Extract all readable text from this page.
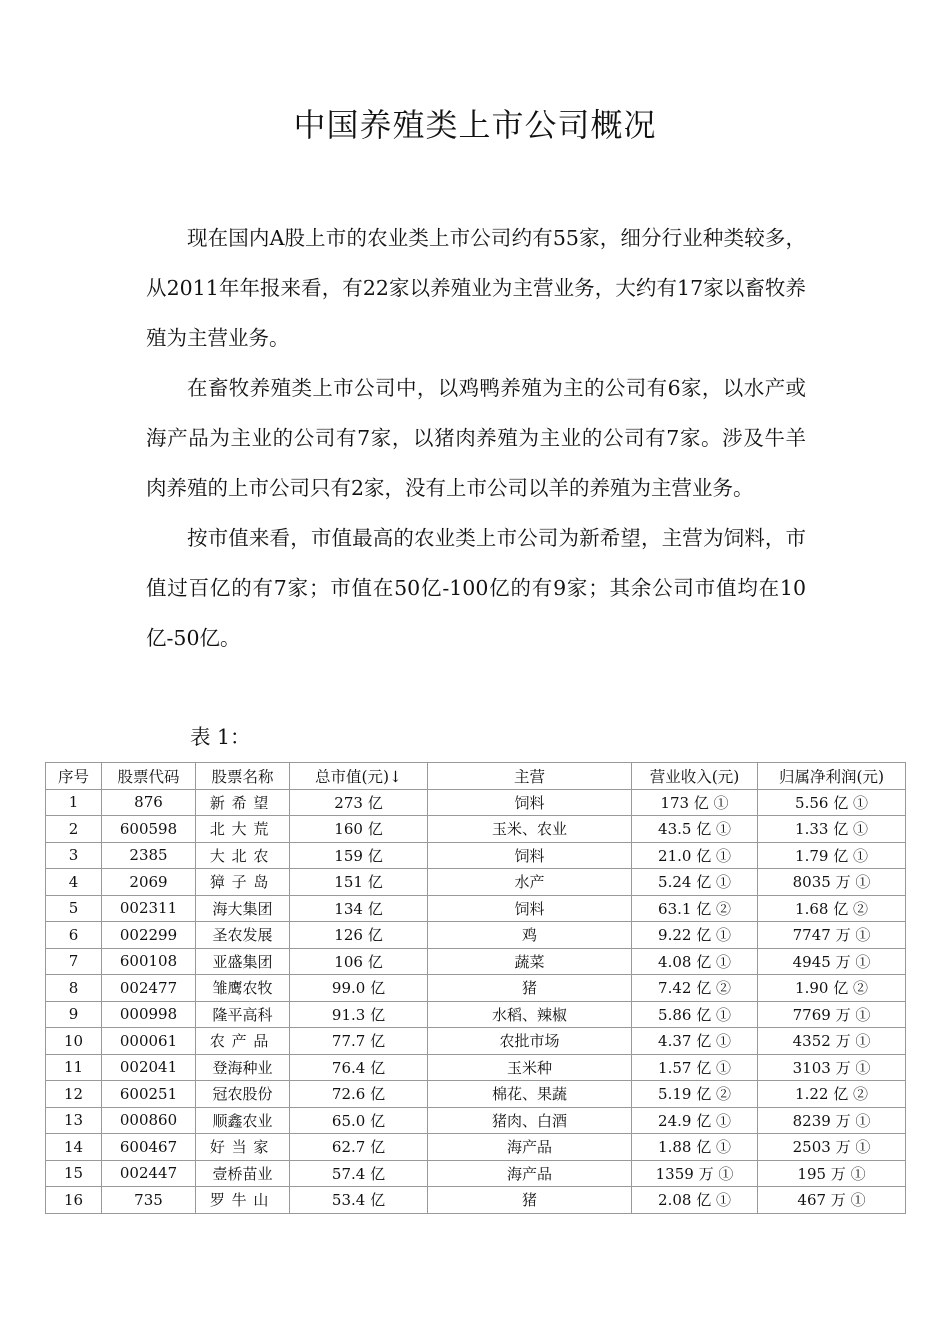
中国养殖类上市公司概况

现在国内A股上市的农业类上市公司约有55家，细分行业种类较多，从2011年年报来看，有22家以养殖业为主营业务，大约有17家以畜牧养殖为主营业务。

在畜牧养殖类上市公司中，以鸡鸭养殖为主的公司有6家，以水产或海产品为主业的公司有7家，以猪肉养殖为主业的公司有7家。涉及牛羊肉养殖的上市公司只有2家，没有上市公司以羊的养殖为主营业务。

按市值来看，市值最高的农业类上市公司为新希望，主营为饲料，市值过百亿的有7家；市值在50亿-100亿的有9家；其余公司市值均在10亿-50亿。

表 1：
序号	股票代码	股票名称	总市值(元)↓	主营	营业收入(元)	归属净利润(元)
1	876	新希望	273 亿	饲料	173 亿 ①	5.56 亿 ①
2	600598	北大荒	160 亿	玉米、农业	43.5 亿 ①	1.33 亿 ①
3	2385	大北农	159 亿	饲料	21.0 亿 ①	1.79 亿 ①
4	2069	獐子岛	151 亿	水产	5.24 亿 ①	8035 万 ①
5	002311	海大集团	134 亿	饲料	63.1 亿 ②	1.68 亿 ②
6	002299	圣农发展	126 亿	鸡	9.22 亿 ①	7747 万 ①
7	600108	亚盛集团	106 亿	蔬菜	4.08 亿 ①	4945 万 ①
8	002477	雏鹰农牧	99.0 亿	猪	7.42 亿 ②	1.90 亿 ②
9	000998	隆平高科	91.3 亿	水稻、辣椒	5.86 亿 ①	7769 万 ①
10	000061	农产品	77.7 亿	农批市场	4.37 亿 ①	4352 万 ①
11	002041	登海种业	76.4 亿	玉米种	1.57 亿 ①	3103 万 ①
12	600251	冠农股份	72.6 亿	棉花、果蔬	5.19 亿 ②	1.22 亿 ②
13	000860	顺鑫农业	65.0 亿	猪肉、白酒	24.9 亿 ①	8239 万 ①
14	600467	好当家	62.7 亿	海产品	1.88 亿 ①	2503 万 ①
15	002447	壹桥苗业	57.4 亿	海产品	1359 万 ①	195 万 ①
16	735	罗牛山	53.4 亿	猪	2.08 亿 ①	467 万 ①
